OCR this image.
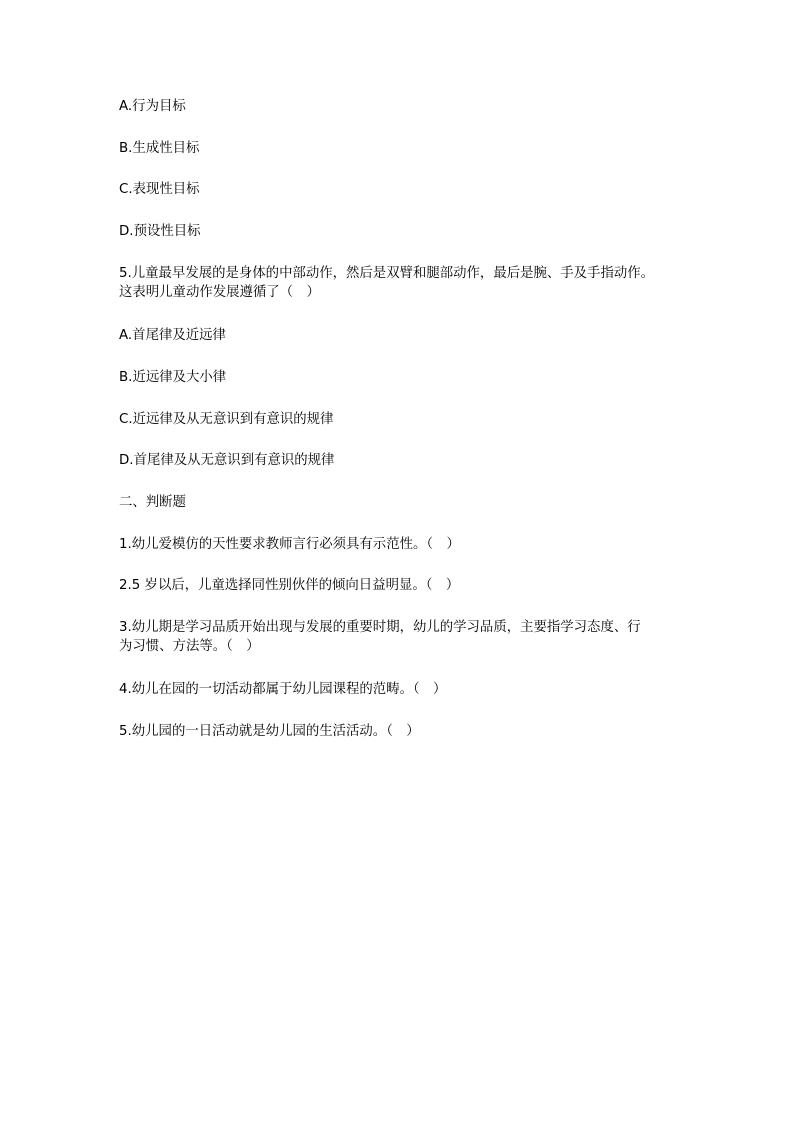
A.行为目标
B.生成性目标
C.表现性目标
D.预设性目标
5.儿童最早发展的是身体的中部动作，然后是双臂和腿部动作，最后是腕、手及手指动作。
这表明儿童动作发展遵循了（　）
A.首尾律及近远律
B.近远律及大小律
C.近远律及从无意识到有意识的规律
D.首尾律及从无意识到有意识的规律
二、判断题
1.幼儿爱模仿的天性要求教师言行必须具有示范性。（　）
2.5 岁以后，儿童选择同性别伙伴的倾向日益明显。（　）
3.幼儿期是学习品质开始出现与发展的重要时期，幼儿的学习品质，主要指学习态度、行
为习惯、方法等。（　）
4.幼儿在园的一切活动都属于幼儿园课程的范畴。（　）
5.幼儿园的一日活动就是幼儿园的生活活动。（　）
